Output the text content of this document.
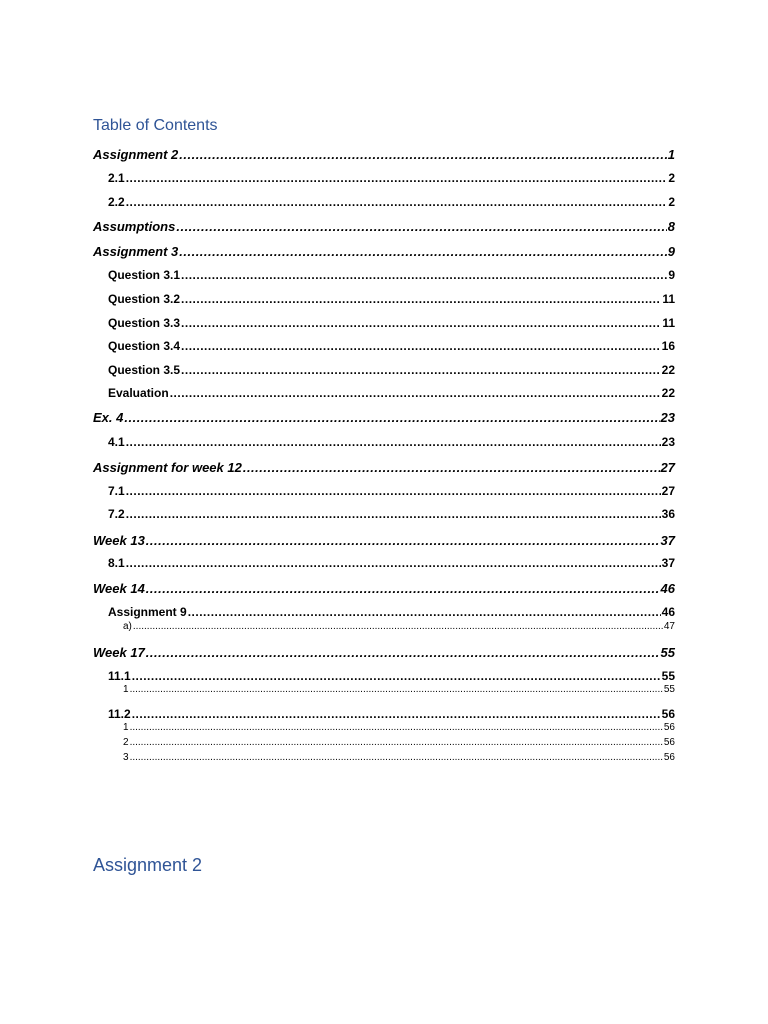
Table of Contents
Assignment 2 .....	1
2.1 .....	2
2.2 .....	2
Assumptions .....	8
Assignment 3 .....	9
Question 3.1 .....	9
Question 3.2 .....	11
Question 3.3 .....	11
Question 3.4 .....	16
Question 3.5 .....	22
Evaluation .....	22
Ex. 4 .....	23
4.1 .....	23
Assignment for week 12 .....	27
7.1 .....	27
7.2 .....	36
Week 13 .....	37
8.1 .....	37
Week 14 .....	46
Assignment 9 .....	46
a) .....	47
Week 17 .....	55
11.1 .....	55
1 .....	55
11.2 .....	56
1 .....	56
2 .....	56
3 .....	56
Assignment 2
